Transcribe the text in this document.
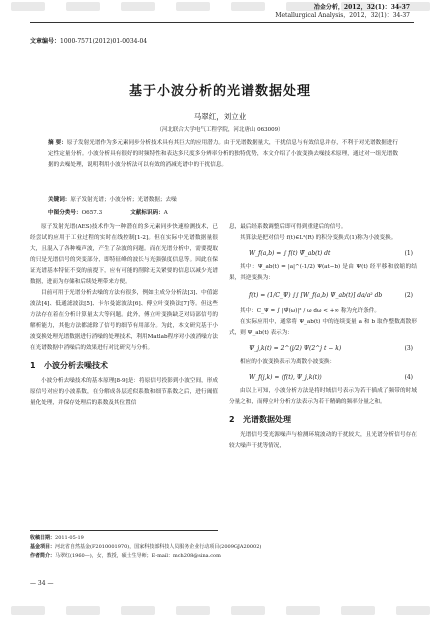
冶金分析，2012，32(1)：34-37
Metallurgical Analysis，2012，32(1)：34-37
文章编号：1000-7571(2012)01-0034-04
基于小波分析的光谱数据处理
马翠红，刘立业
（河北联合大学电气工程学院，河北唐山 063009）
摘 要：原子发射光谱作为多元素同步分析技术具有其巨大的应用潜力。由于光谱数据量大，干扰信息与有效信息并存，不利于对光谱数据进行定性定量分析。小波分析具有很好的时频特性和表达多尺度多分辨率分析的独特优势，本文介绍了小波变换去噪技术原理，通过对一组光谱数据的去噪处理，说明利用小波分析法可以有效的消减光谱中的干扰信息。
关键词：原子发射光谱；小波分析；光谱数据；去噪
中图分类号：O657.3	文献标识码：A

原子发射光谱(AES)技术作为一种潜在的多元素同步快速检测技术，已经尝试的应用于工业过程的实时在线控制[1-2]。但在实际中光谱数据量很大，且混入了各种噪声波，产生了杂波的问题。而在光谱分析中，需要提取的只是光谱信号的突变部分，即特征峰的波长与光强强度信息等。因此在保证光谱基本特征不变的前提下，应有可能的削除无关紧要的信息以减少光谱数据，进而为存储和后续处理带来方便。

目前可用于光谱分析去噪的方法有很多，例如主成分分析法[3]、中值滤波法[4]、低通滤波法[5]、卡尔曼滤波法[6]、傅立叶变换法[7]等。但这些方法存在着在分析计算量太大等问题。此外，傅立叶变换缺乏对局部信号的解析能力，其他方法都滤除了信号的细节有用部分。为此，本文研究基于小波变换处理光谱数据进行消噪的处理技术，利用Matlab程序对小波消噪方法在光谱数据中消噪后的效果进行对比研究与分析。

1 小波分析去噪技术

小波分析去噪技术的基本原理[8-9]是：将原信号投影到小波空间，形成原信号对应的小波系数，在分解成各层近似系数和细节系数之后，进行阈值量化处理，并保存处理后的系数及其位置信

息，最后经系数调整后即可得到重建后的信号。

其算法是把对信号 f(t)∈L²(R) 的积分变换式(1)称为小波变换。

W_f(a,b) = ∫ f(t) Ψ̄_ab(t) dt	(1)

其中：Ψ_ab(t) = |a|^(-1/2) Ψ(at−b) 是由 Ψ(t) 经平移和放缩的结果，其逆变换为：

f(t) = (1/C_Ψ) ∫∫ [W_f(a,b) Ψ_ab(t)] da/a² db	(2)

其中：C_Ψ = ∫ |Ψ̂(ω)|² / ω dω < +∞ 称为允许条件。

在实际应用中，通常将 Ψ_ab(t) 中的连续变量 a 和 b 取作整数离散形式，则 Ψ_ab(t) 表示为：

Ψ_j,k(t) = 2^(j/2) Ψ(2^j t − k)	(3)

相应的小波变换表示为离散小波变换：

W_f(j,k) = ⟨f(t), Ψ_j,k(t)⟩	(4)

由以上可知，小波分析方法是将时域信号表示为若干插成了频带的时域分量之和，而傅立叶分析方法表示为若干精确的频率分量之和。

2 光谱数据处理

光谱信号受光源噪声与检测环境波动的干扰较大，且光谱分析信号存在较大噪声干扰等情况，

收稿日期：2011-05-19
基金项目：河北省自然基金(F2010001970)，国家科技部科技人员服务企业行动项目(2009GJA20002)
作者简介：马翠红(1960—)，女，教授，硕士生导师；E-mail：mch208@sina.com
— 34 —
